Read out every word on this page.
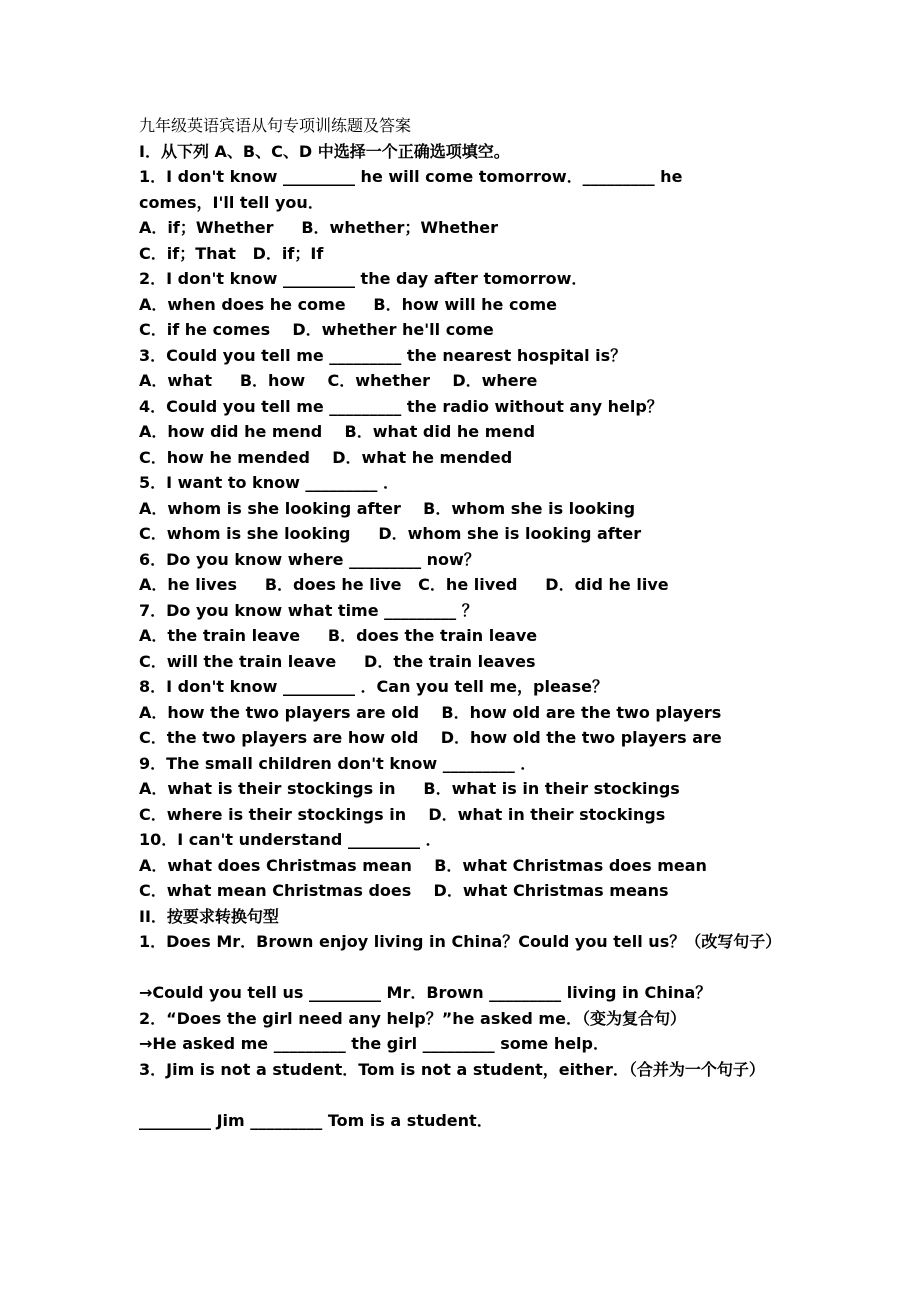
九年级英语宾语从句专项训练题及答案

I．从下列 A、B、C、D 中选择一个正确选项填空。

1．I don't know _________ he will come tomorrow．_________ he

comes，I'll tell you．

A．if；Whether     B．whether；Whether

C．if；That   D．if；If

2．I don't know _________ the day after tomorrow．

A．when does he come     B．how will he come

C．if he comes    D．whether he'll come

3．Could you tell me _________ the nearest hospital is？

A．what     B．how    C．whether    D．where

4．Could you tell me _________ the radio without any help？

A．how did he mend    B．what did he mend

C．how he mended    D．what he mended

5．I want to know _________ ．

A．whom is she looking after    B．whom she is looking

C．whom is she looking     D．whom she is looking after

6．Do you know where _________ now？

A．he lives     B．does he live   C．he lived     D．did he live

7．Do you know what time _________ ？

A．the train leave     B．does the train leave

C．will the train leave     D．the train leaves

8．I don't know _________ ．Can you tell me，please？

A．how the two players are old    B．how old are the two players

C．the two players are how old    D．how old the two players are

9．The small children don't know _________ ．

A．what is their stockings in     B．what is in their stockings

C．where is their stockings in    D．what in their stockings

10．I can't understand _________ ．

A．what does Christmas mean    B．what Christmas does mean

C．what mean Christmas does    D．what Christmas means

II．按要求转换句型

1．Does Mr．Brown enjoy living in China？Could you tell us？（改写句子）

→Could you tell us _________ Mr．Brown _________ living in China？

2．“Does the girl need any help？”he asked me．（变为复合句）

→He asked me _________ the girl _________ some help．

3．Jim is not a student．Tom is not a student，either．（合并为一个句子）

_________ Jim _________ Tom is a student．
